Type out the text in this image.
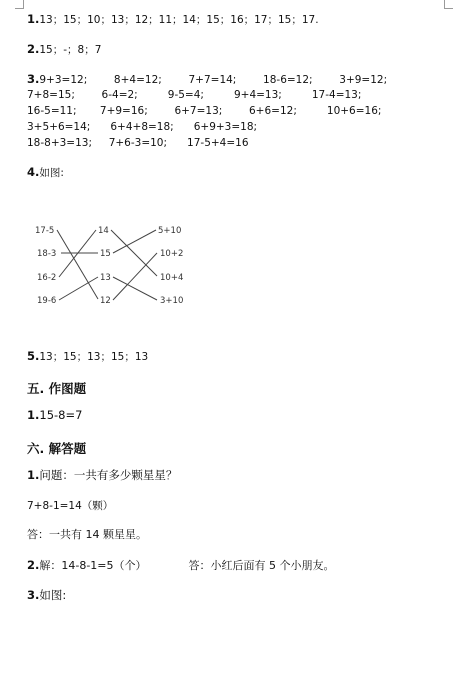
1.13；15；10；13；12；11；14；15；16；17；15；17.
2.15；-；8；7
3.9+3=12;        8+4=12;        7+7=14;        18-6=12;        3+9=12;
7+8=15;        6-4=2;         9-5=4;         9+4=13;         17-4=13;
16-5=11;       7+9=16;        6+7=13;        6+6=12;         10+6=16;
3+5+6=14;      6+4+8=18;      6+9+3=18;
18-8+3=13;     7+6-3=10;      17-5+4=16
4.如图:
17-5
18-3
16-2
19-6
14
15
13
12
5+10
10+2
10+4
3+10
5.13；15；13；15；13
五. 作图题
1.15-8=7
六. 解答题
1.问题：一共有多少颗星星？
7+8-1=14（颗）
答：一共有 14 颗星星。
2.解：14-8-1=5（个）	答：小红后面有 5 个小朋友。
3.如图:
